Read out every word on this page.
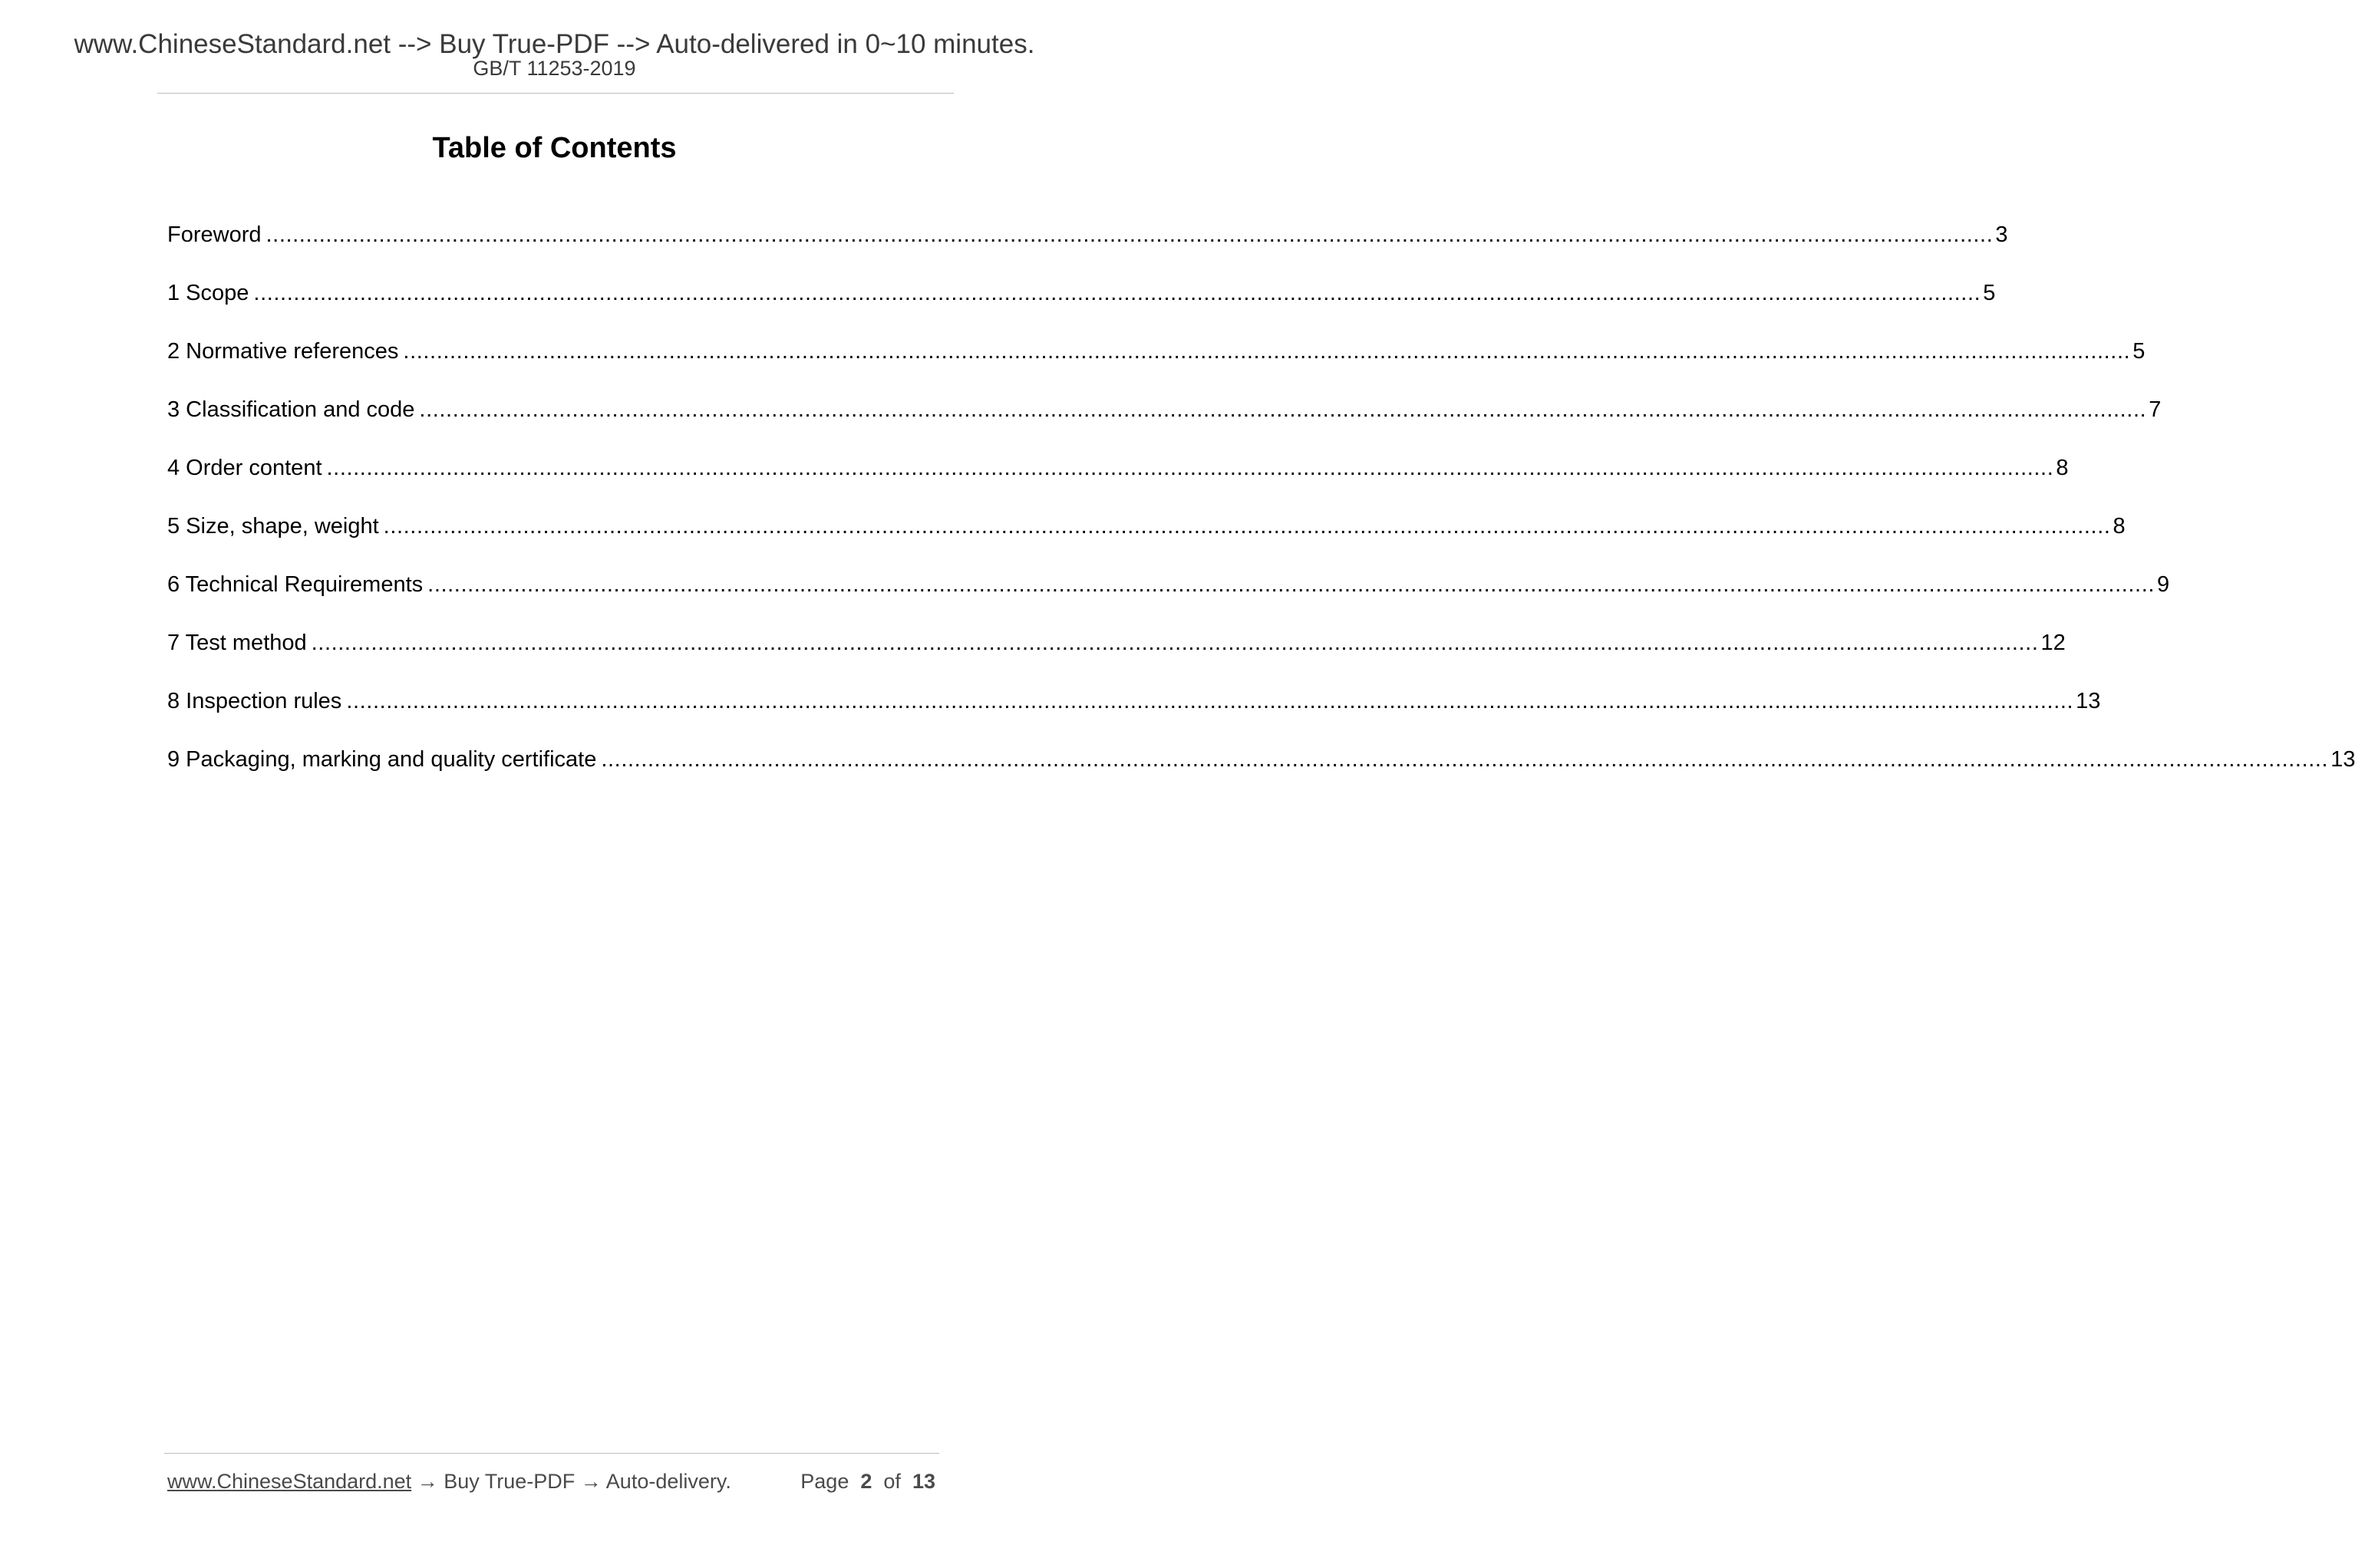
www.ChineseStandard.net --> Buy True-PDF --> Auto-delivered in 0~10 minutes.
GB/T 11253-2019
Table of Contents
Foreword .................................................................................................................................................................................................................................................................... 3
1 Scope .................................................................................................................................................................................................................................................................... 5
2 Normative references .................................................................................................................................................................................................................................................................... 5
3 Classification and code .................................................................................................................................................................................................................................................................... 7
4 Order content .................................................................................................................................................................................................................................................................... 8
5 Size, shape, weight .................................................................................................................................................................................................................................................................... 8
6 Technical Requirements .................................................................................................................................................................................................................................................................... 9
7 Test method .................................................................................................................................................................................................................................................................... 12
8 Inspection rules .................................................................................................................................................................................................................................................................... 13
9 Packaging, marking and quality certificate .................................................................................................................................................................................................................................................................... 13
www.ChineseStandard.net → Buy True-PDF → Auto-delivery.	Page 2 of 13
